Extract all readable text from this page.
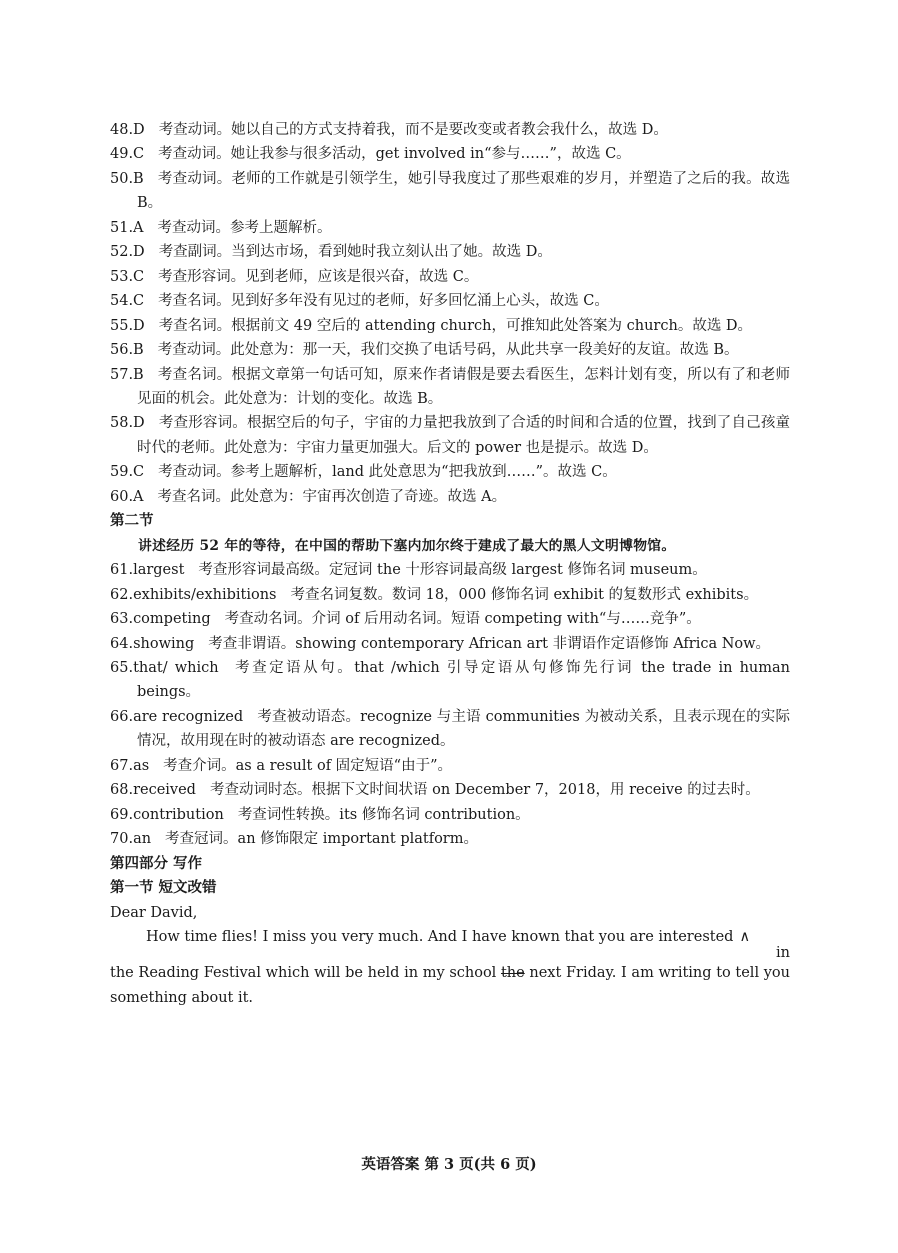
48.D 考查动词。她以自己的方式支持着我，而不是要改变或者教会我什么，故选 D。

49.C 考查动词。她让我参与很多活动，get involved in“参与……”，故选 C。

50.B 考查动词。老师的工作就是引领学生，她引导我度过了那些艰难的岁月，并塑造了之后的我。故选 B。

51.A 考查动词。参考上题解析。

52.D 考查副词。当到达市场，看到她时我立刻认出了她。故选 D。

53.C 考查形容词。见到老师，应该是很兴奋，故选 C。

54.C 考查名词。见到好多年没有见过的老师，好多回忆涌上心头，故选 C。

55.D 考查名词。根据前文 49 空后的 attending church，可推知此处答案为 church。故选 D。

56.B 考查动词。此处意为：那一天，我们交换了电话号码，从此共享一段美好的友谊。故选 B。

57.B 考查名词。根据文章第一句话可知，原来作者请假是要去看医生，怎料计划有变，所以有了和老师见面的机会。此处意为：计划的变化。故选 B。

58.D 考查形容词。根据空后的句子，宇宙的力量把我放到了合适的时间和合适的位置，找到了自己孩童时代的老师。此处意为：宇宙力量更加强大。后文的 power 也是提示。故选 D。

59.C 考查动词。参考上题解析，land 此处意思为“把我放到……”。故选 C。

60.A 考查名词。此处意为：宇宙再次创造了奇迹。故选 A。

第二节

讲述经历 52 年的等待，在中国的帮助下塞内加尔终于建成了最大的黑人文明博物馆。

61.largest 考查形容词最高级。定冠词 the 十形容词最高级 largest 修饰名词 museum。

62.exhibits/exhibitions 考查名词复数。数词 18，000 修饰名词 exhibit 的复数形式 exhibits。

63.competing 考查动名词。介词 of 后用动名词。短语 competing with“与……竞争”。

64.showing 考查非谓语。showing contemporary African art 非谓语作定语修饰 Africa Now。

65.that/ which 考查定语从句。that /which 引导定语从句修饰先行词 the trade in human beings。

66.are recognized 考查被动语态。recognize 与主语 communities 为被动关系，且表示现在的实际情况，故用现在时的被动语态 are recognized。

67.as 考查介词。as a result of 固定短语“由于”。

68.received 考查动词时态。根据下文时间状语 on December 7，2018，用 receive 的过去时。

69.contribution 考查词性转换。its 修饰名词 contribution。

70.an 考查冠词。an 修饰限定 important platform。

第四部分 写作

第一节 短文改错

Dear David,

How time flies! I miss you very much. And I have known that you are interested ∧

in

the Reading Festival which will be held in my school the next Friday. I am writing to tell you something about it.

英语答案 第 3 页(共 6 页)
